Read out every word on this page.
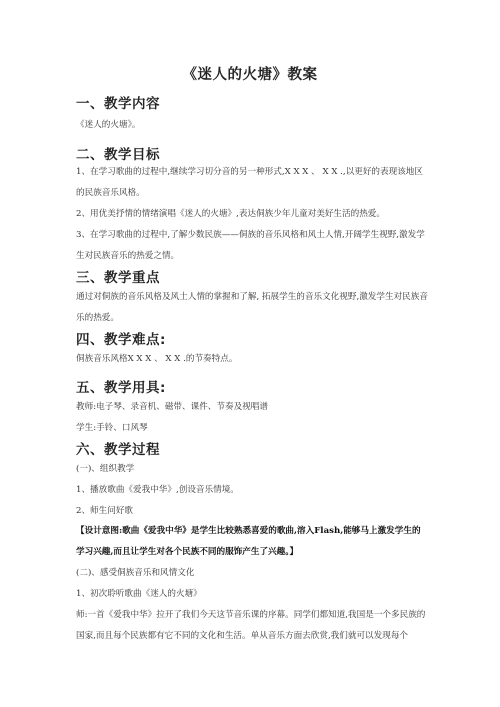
《迷人的火塘》教案
一、教学内容
《迷人的火塘》。
二、教学目标
1、在学习歌曲的过程中,继续学习切分音的另一种形式,X X X 、 X X .,以更好的表现该地区的民族音乐风格。
2、用优美抒情的情绪演唱《迷人的火塘》,表达侗族少年儿童对美好生活的热爱。
3、在学习歌曲的过程中,了解少数民族——侗族的音乐风格和风土人情,开阔学生视野,激发学生对民族音乐的热爱之情。
三、教学重点
通过对侗族的音乐风格及风土人情的掌握和了解, 拓展学生的音乐文化视野,激发学生对民族音乐的热爱。
四、教学难点:
侗族音乐风格X X X 、 X X .的节奏特点。
五、教学用具:
教师:电子琴、录音机、磁带、课件、节奏及视唱谱
学生:手铃、口风琴
六、教学过程
(一)、组织教学
1、播放歌曲《爱我中华》,创设音乐情境。
2、师生问好歌
【设计意图:歌曲《爱我中华》是学生比较熟悉喜爱的歌曲,溶入Flash,能够马上激发学生的学习兴趣,而且让学生对各个民族不同的服饰产生了兴趣。】
(二)、感受侗族音乐和风情文化
1、初次聆听歌曲《迷人的火塘》
师:一首《爱我中华》拉开了我们今天这节音乐课的序幕。同学们都知道,我国是一个多民族的国家,而且每个民族都有它不同的文化和生活。单从音乐方面去欣赏,我们就可以发现每个
